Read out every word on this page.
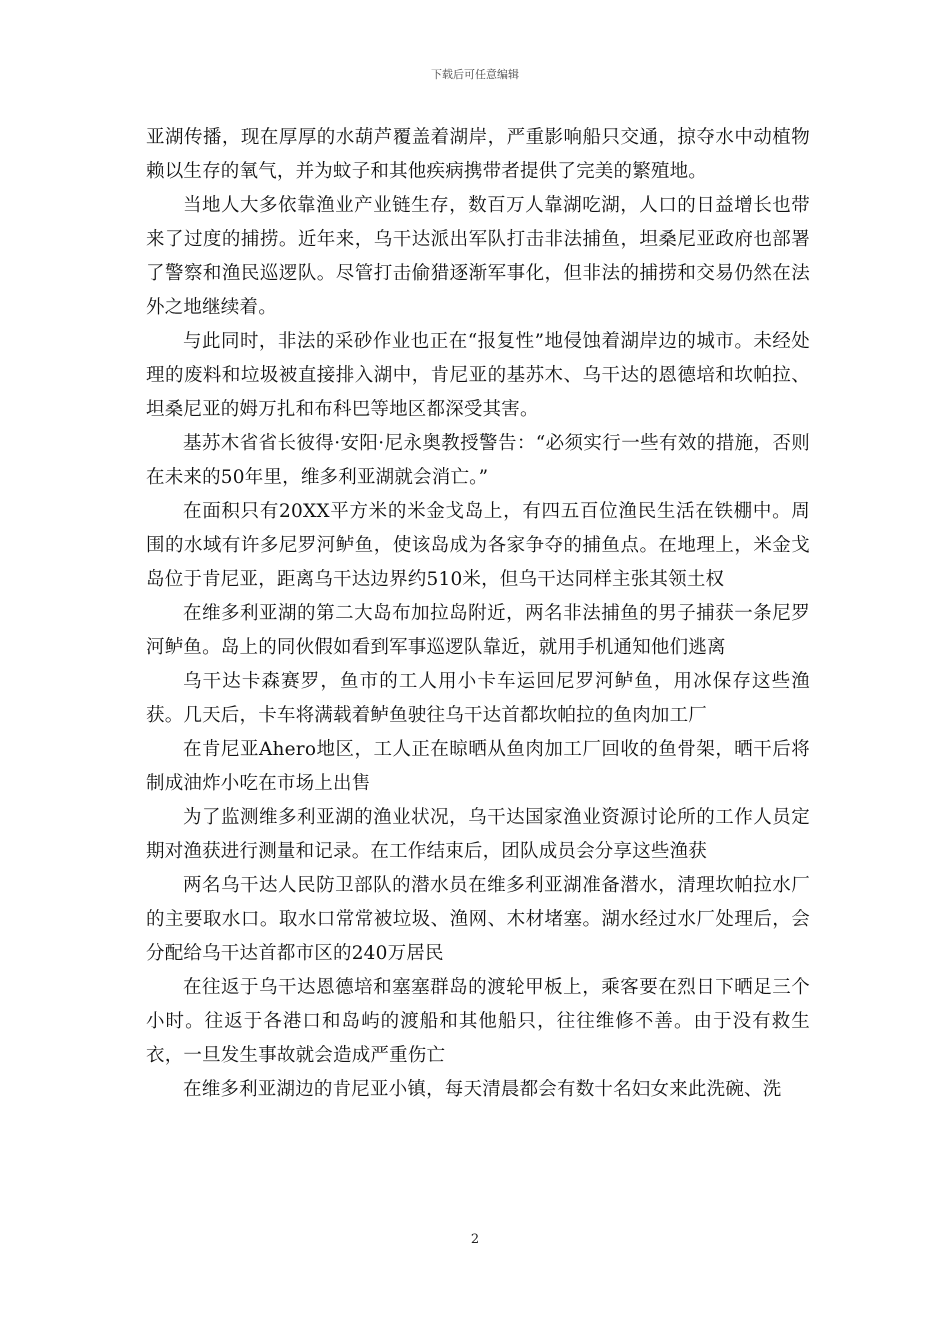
下载后可任意编辑

亚湖传播，现在厚厚的水葫芦覆盖着湖岸，严重影响船只交通，掠夺水中动植物赖以生存的氧气，并为蚊子和其他疾病携带者提供了完美的繁殖地。

当地人大多依靠渔业产业链生存，数百万人靠湖吃湖，人口的日益增长也带来了过度的捕捞。近年来，乌干达派出军队打击非法捕鱼，坦桑尼亚政府也部署了警察和渔民巡逻队。尽管打击偷猎逐渐军事化，但非法的捕捞和交易仍然在法外之地继续着。

与此同时，非法的采砂作业也正在“报复性”地侵蚀着湖岸边的城市。未经处理的废料和垃圾被直接排入湖中，肯尼亚的基苏木、乌干达的恩德培和坎帕拉、坦桑尼亚的姆万扎和布科巴等地区都深受其害。

基苏木省省长彼得·安阳·尼永奥教授警告：“必须实行一些有效的措施，否则在未来的50年里，维多利亚湖就会消亡。”

在面积只有20XX平方米的米金戈岛上，有四五百位渔民生活在铁棚中。周围的水域有许多尼罗河鲈鱼，使该岛成为各家争夺的捕鱼点。在地理上，米金戈岛位于肯尼亚，距离乌干达边界约510米，但乌干达同样主张其领土权

在维多利亚湖的第二大岛布加拉岛附近，两名非法捕鱼的男子捕获一条尼罗河鲈鱼。岛上的同伙假如看到军事巡逻队靠近，就用手机通知他们逃离

乌干达卡森赛罗，鱼市的工人用小卡车运回尼罗河鲈鱼，用冰保存这些渔获。几天后，卡车将满载着鲈鱼驶往乌干达首都坎帕拉的鱼肉加工厂

在肯尼亚Ahero地区，工人正在晾晒从鱼肉加工厂回收的鱼骨架，晒干后将制成油炸小吃在市场上出售

为了监测维多利亚湖的渔业状况，乌干达国家渔业资源讨论所的工作人员定期对渔获进行测量和记录。在工作结束后，团队成员会分享这些渔获

两名乌干达人民防卫部队的潜水员在维多利亚湖准备潜水，清理坎帕拉水厂的主要取水口。取水口常常被垃圾、渔网、木材堵塞。湖水经过水厂处理后，会分配给乌干达首都市区的240万居民

在往返于乌干达恩德培和塞塞群岛的渡轮甲板上，乘客要在烈日下晒足三个小时。往返于各港口和岛屿的渡船和其他船只，往往维修不善。由于没有救生衣，一旦发生事故就会造成严重伤亡

在维多利亚湖边的肯尼亚小镇，每天清晨都会有数十名妇女来此洗碗、洗

2
